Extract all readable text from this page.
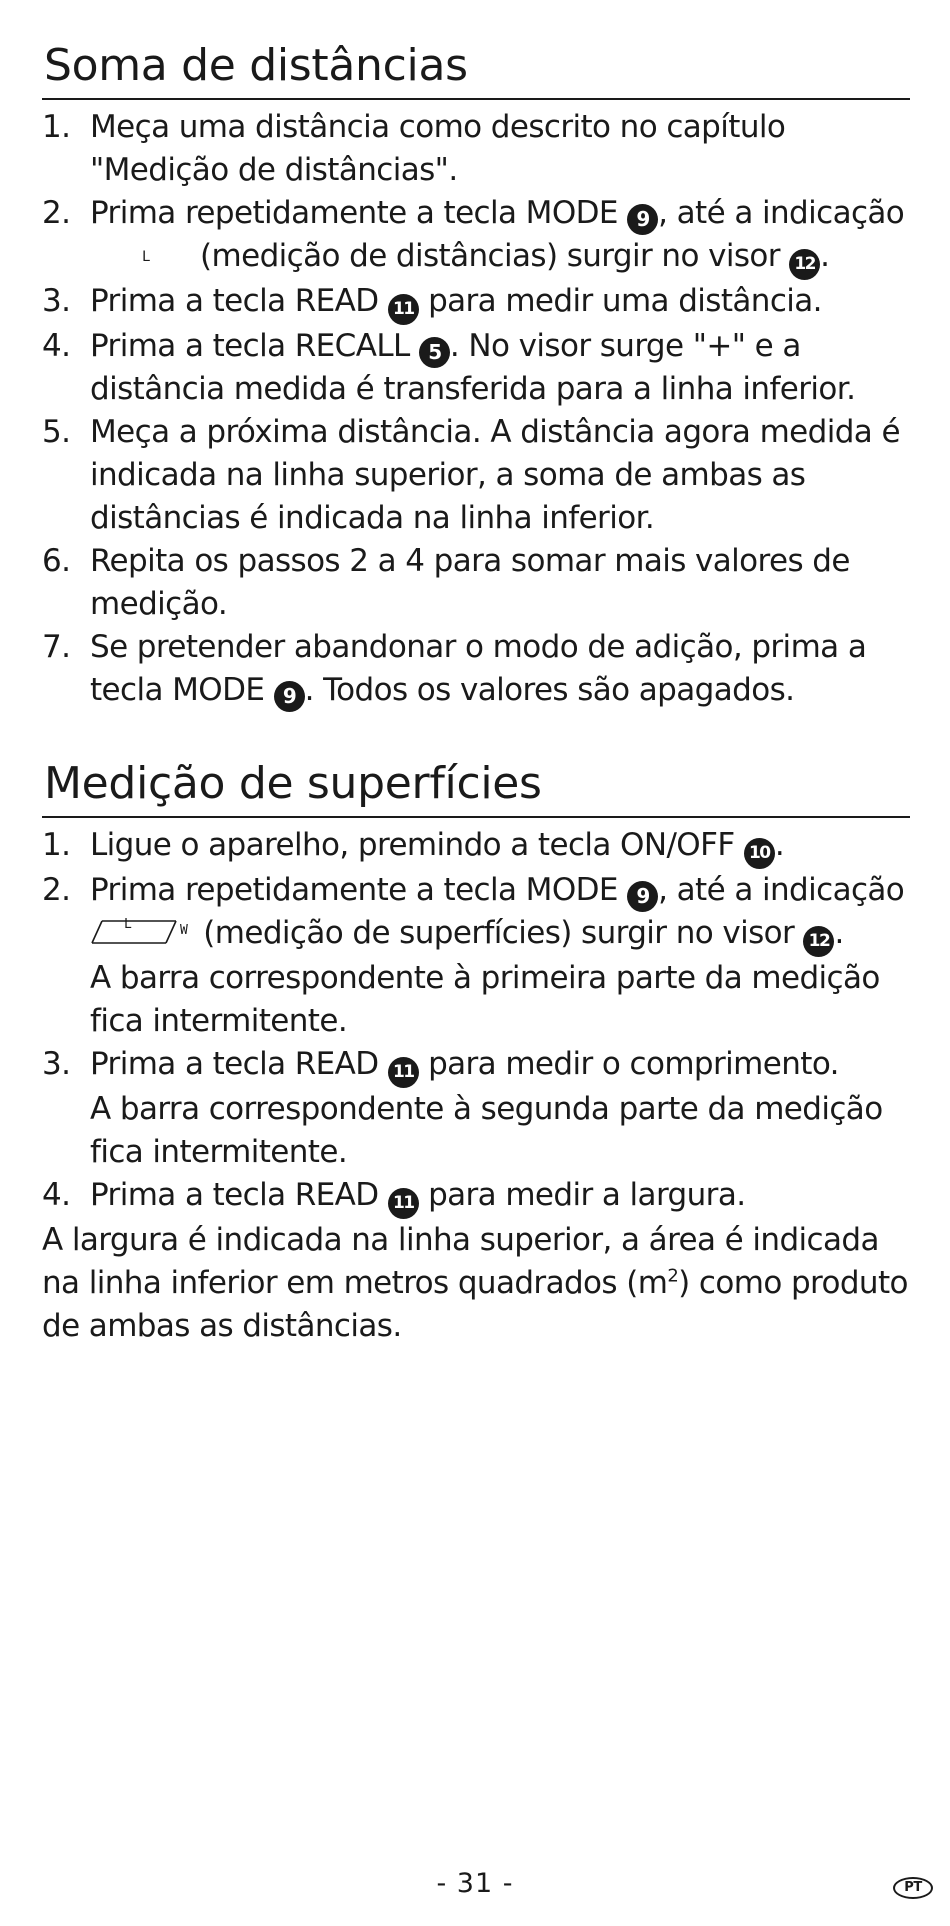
Soma de distâncias
1. Meça uma distância como descrito no capítulo "Medição de distâncias".
2. Prima repetidamente a tecla MODE 9 , até a indicação

L (medição de distâncias) surgir no visor 12 .
3. Prima a tecla READ 11 para medir uma distância.
4. Prima a tecla RECALL 5 . No visor surge "+" e a distância medida é transferida para a linha inferior.
5. Meça a próxima distância. A distância agora medida é indicada na linha superior, a soma de ambas as distâncias é indicada na linha inferior.
6. Repita os passos 2 a 4 para somar mais valores de medição.
7. Se pretender abandonar o modo de adição, prima a tecla MODE 9 . Todos os valores são apagados.
Medição de superfícies
1. Ligue o aparelho, premindo a tecla ON/OFF 10 .
2. Prima repetidamente a tecla MODE 9 , até a indicação

L	W (medição de superfícies) surgir no visor 12 .
A barra correspondente à primeira parte da medição fica intermitente.
3. Prima a tecla READ 11 para medir o comprimento.
A barra correspondente à segunda parte da medição fica intermitente.
4. Prima a tecla READ 11 para medir a largura.

A largura é indicada na linha superior, a área é indicada na linha inferior em metros quadrados $(m^2)$ como produto de ambas as distâncias.

- 31 -	PT
